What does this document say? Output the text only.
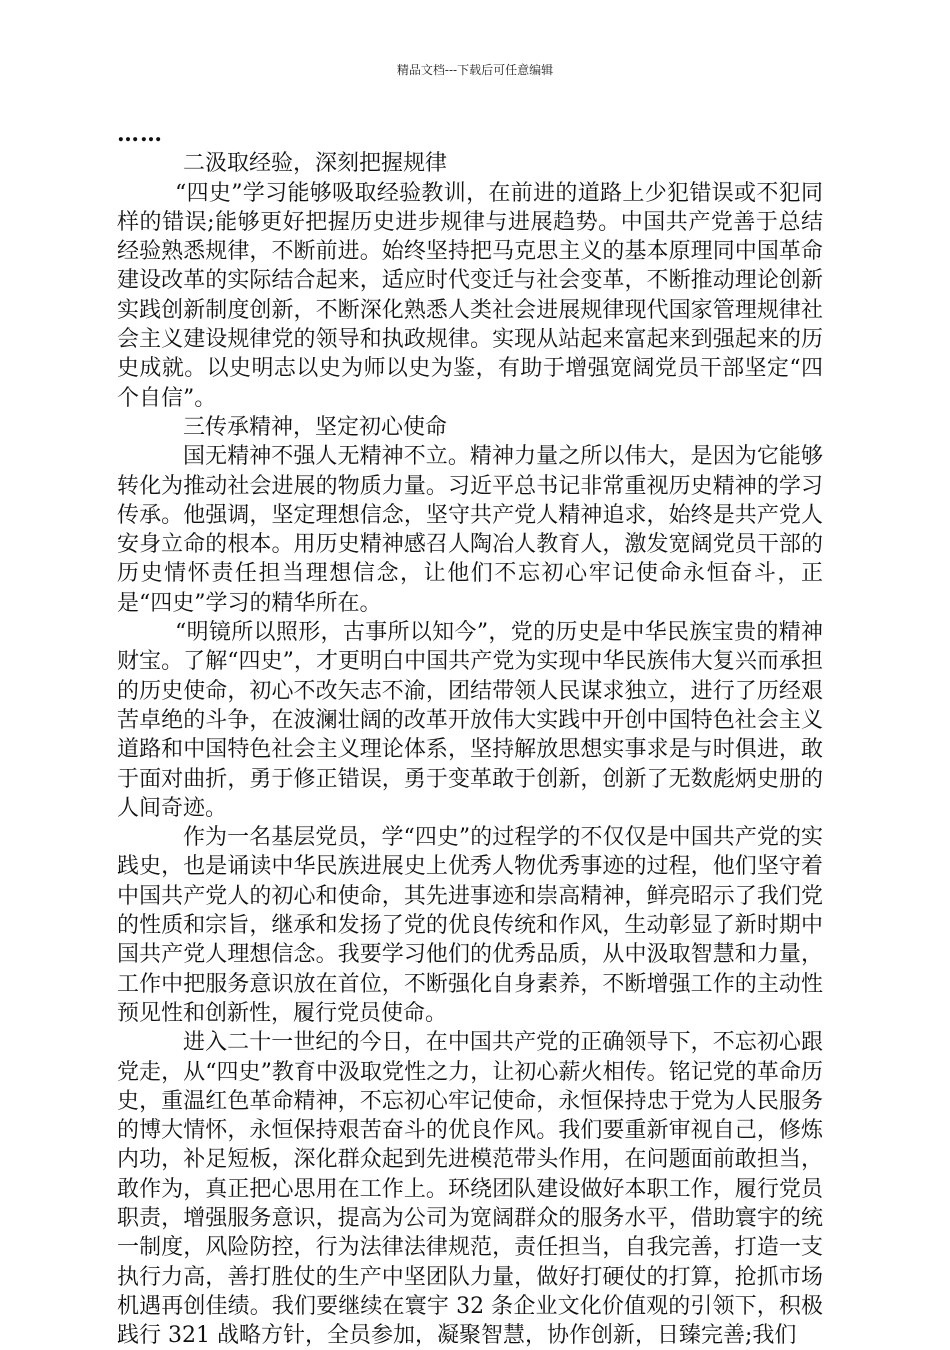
精品文档---下载后可任意编辑

……

二汲取经验，深刻把握规律

“四史”学习能够吸取经验教训，在前进的道路上少犯错误或不犯同样的错误;能够更好把握历史进步规律与进展趋势。中国共产党善于总结经验熟悉规律，不断前进。始终坚持把马克思主义的基本原理同中国革命建设改革的实际结合起来，适应时代变迁与社会变革，不断推动理论创新实践创新制度创新，不断深化熟悉人类社会进展规律现代国家管理规律社会主义建设规律党的领导和执政规律。实现从站起来富起来到强起来的历史成就。以史明志以史为师以史为鉴，有助于增强宽阔党员干部坚定“四个自信”。

三传承精神，坚定初心使命

国无精神不强人无精神不立。精神力量之所以伟大，是因为它能够转化为推动社会进展的物质力量。习近平总书记非常重视历史精神的学习传承。他强调，坚定理想信念，坚守共产党人精神追求，始终是共产党人安身立命的根本。用历史精神感召人陶冶人教育人，激发宽阔党员干部的历史情怀责任担当理想信念，让他们不忘初心牢记使命永恒奋斗，正是“四史”学习的精华所在。

“明镜所以照形，古事所以知今”，党的历史是中华民族宝贵的精神财宝。了解“四史”，才更明白中国共产党为实现中华民族伟大复兴而承担的历史使命，初心不改矢志不渝，团结带领人民谋求独立，进行了历经艰苦卓绝的斗争，在波澜壮阔的改革开放伟大实践中开创中国特色社会主义道路和中国特色社会主义理论体系，坚持解放思想实事求是与时俱进，敢于面对曲折，勇于修正错误，勇于变革敢于创新，创新了无数彪炳史册的人间奇迹。

作为一名基层党员，学“四史”的过程学的不仅仅是中国共产党的实践史，也是诵读中华民族进展史上优秀人物优秀事迹的过程，他们坚守着中国共产党人的初心和使命，其先进事迹和崇高精神，鲜亮昭示了我们党的性质和宗旨，继承和发扬了党的优良传统和作风，生动彰显了新时期中国共产党人理想信念。我要学习他们的优秀品质，从中汲取智慧和力量，工作中把服务意识放在首位，不断强化自身素养，不断增强工作的主动性预见性和创新性，履行党员使命。

进入二十一世纪的今日，在中国共产党的正确领导下，不忘初心跟党走，从“四史”教育中汲取党性之力，让初心薪火相传。铭记党的革命历史，重温红色革命精神，不忘初心牢记使命，永恒保持忠于党为人民服务的博大情怀，永恒保持艰苦奋斗的优良作风。我们要重新审视自己，修炼内功，补足短板，深化群众起到先进模范带头作用，在问题面前敢担当，敢作为，真正把心思用在工作上。环绕团队建设做好本职工作，履行党员职责，增强服务意识，提高为公司为宽阔群众的服务水平，借助寰宇的统一制度，风险防控，行为法律法律规范，责任担当，自我完善，打造一支执行力高，善打胜仗的生产中坚团队力量，做好打硬仗的打算，抢抓市场机遇再创佳绩。我们要继续在寰宇 32 条企业文化价值观的引领下，积极践行 321 战略方针，全员参加，凝聚智慧，协作创新，日臻完善;我们
